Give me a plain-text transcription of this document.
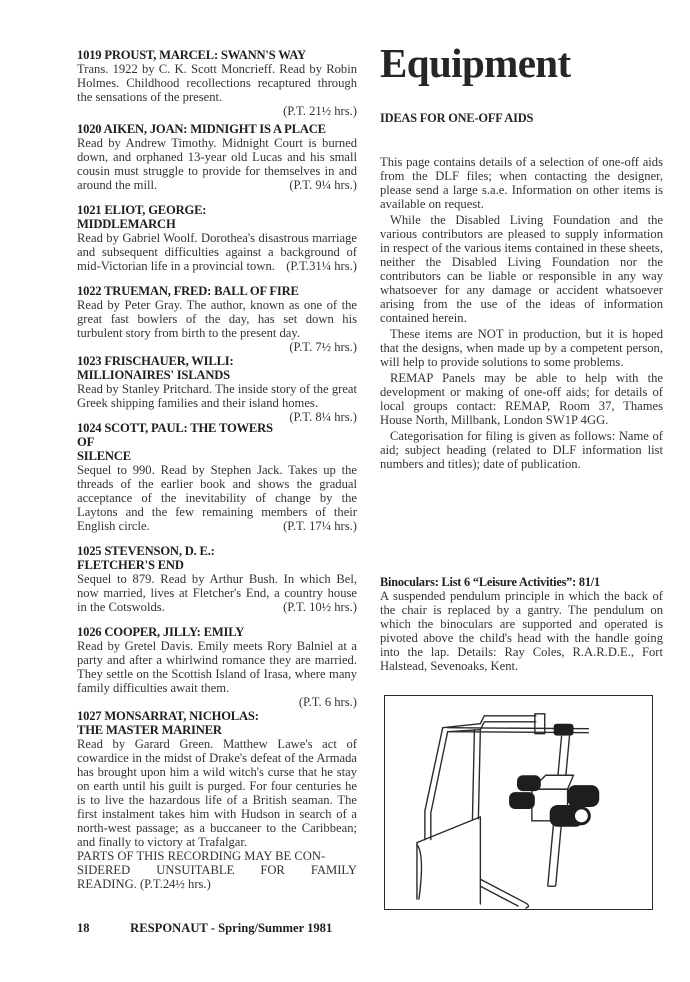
1019 PROUST, MARCEL: SWANN'S WAY
Trans. 1922 by C. K. Scott Moncrieff. Read by Robin Holmes. Childhood recollections recaptured through the sensations of the present.
(P.T. 21½ hrs.)
1020 AIKEN, JOAN: MIDNIGHT IS A PLACE
Read by Andrew Timothy. Midnight Court is burned down, and orphaned 13-year old Lucas and his small cousin must struggle to provide for themselves in and around the mill.	(P.T. 9¼ hrs.)
1021 ELIOT, GEORGE:
MIDDLEMARCH
Read by Gabriel Woolf. Dorothea's disastrous marriage and subsequent difficulties against a background of mid-Victorian life in a provincial town. (P.T.31¼ hrs.)
1022 TRUEMAN, FRED: BALL OF FIRE
Read by Peter Gray. The author, known as one of the great fast bowlers of the day, has set down his turbulent story from birth to the present day.
(P.T. 7½ hrs.)
1023 FRISCHAUER, WILLI:
MILLIONAIRES' ISLANDS
Read by Stanley Pritchard. The inside story of the great Greek shipping families and their island homes.
(P.T. 8¼ hrs.)
1024 SCOTT, PAUL: THE TOWERS OF
SILENCE
Sequel to 990. Read by Stephen Jack. Takes up the threads of the earlier book and shows the gradual acceptance of the inevitability of change by the Laytons and the few remaining members of their English circle.	(P.T. 17¼ hrs.)
1025 STEVENSON, D. E.:
FLETCHER'S END
Sequel to 879. Read by Arthur Bush. In which Bel, now married, lives at Fletcher's End, a country house in the Cotswolds.	(P.T. 10½ hrs.)
1026 COOPER, JILLY: EMILY
Read by Gretel Davis. Emily meets Rory Balniel at a party and after a whirlwind romance they are married. They settle on the Scottish Island of Irasa, where many family difficulties await them.
(P.T. 6 hrs.)
1027 MONSARRAT, NICHOLAS:
THE MASTER MARINER
Read by Garard Green. Matthew Lawe's act of cowardice in the midst of Drake's defeat of the Armada has brought upon him a wild witch's curse that he stay on earth until his guilt is purged. For four centuries he is to live the hazardous life of a British seaman. The first instalment takes him with Hudson in search of a north-west passage; as a buccaneer to the Caribbean; and finally to victory at Trafalgar.
PARTS OF THIS RECORDING MAY BE CON-
SIDERED UNSUITABLE FOR FAMILY
READING. (P.T.24½ hrs.)
18	RESPONAUT - Spring/Summer 1981
Equipment
IDEAS FOR ONE-OFF AIDS

This page contains details of a selection of one-off aids from the DLF files; when contacting the designer, please send a large s.a.e. Information on other items is available on request.

While the Disabled Living Foundation and the various contributors are pleased to supply information in respect of the various items contained in these sheets, neither the Disabled Living Foundation nor the contributors can be liable or responsible in any way whatsoever for any damage or accident whatsoever arising from the use of the ideas of information contained herein.

These items are NOT in production, but it is hoped that the designs, when made up by a competent person, will help to provide solutions to some problems.

REMAP Panels may be able to help with the development or making of one-off aids; for details of local groups contact: REMAP, Room 37, Thames House North, Millbank, London SW1P 4GG.

Categorisation for filing is given as follows: Name of aid; subject heading (related to DLF information list numbers and titles); date of publication.

Binoculars: List 6 “Leisure Activities”: 81/1
A suspended pendulum principle in which the back of the chair is replaced by a gantry. The pendulum on which the binoculars are supported and operated is pivoted above the child's head with the handle going into the lap. Details: Ray Coles, R.A.R.D.E., Fort Halstead, Sevenoaks, Kent.
